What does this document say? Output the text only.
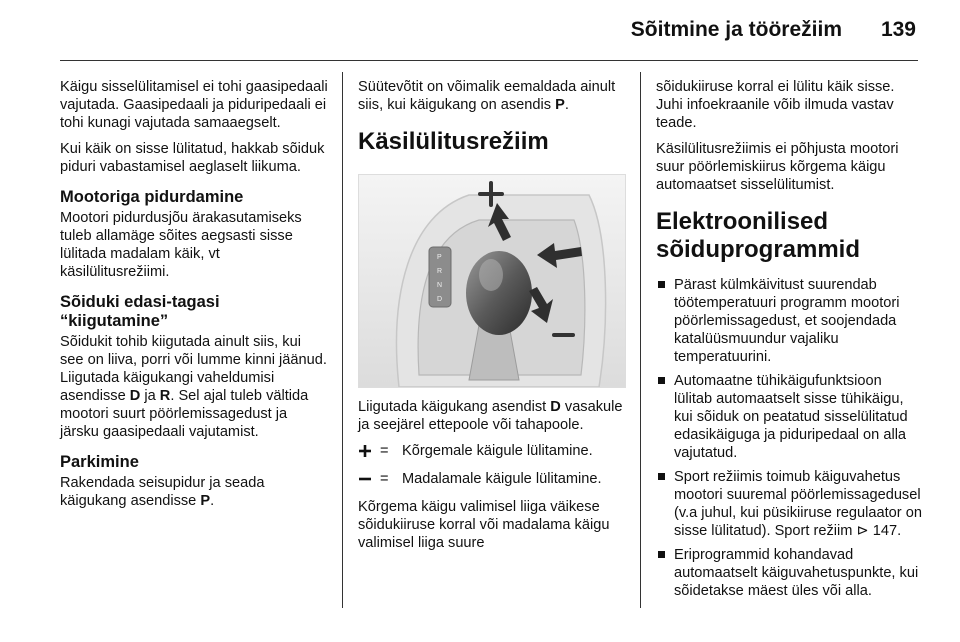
Sõitmine ja töörežiim 139

Käigu sisselülitamisel ei tohi gaasipedaali vajutada. Gaasipedaali ja piduripedaali ei tohi kunagi vajutada samaaegselt.

Kui käik on sisse lülitatud, hakkab sõiduk piduri vabastamisel aeglaselt liikuma.

Mootoriga pidurdamine

Mootori pidurdusjõu ärakasutamiseks tuleb allamäge sõites aegsasti sisse lülitada madalam käik, vt käsilülitusrežiimi.

Sõiduki edasi-tagasi
“kiigutamine”

Sõidukit tohib kiigutada ainult siis, kui see on liiva, porri või lumme kinni jäänud. Liigutada käigukangi vaheldumisi asendisse D ja R. Sel ajal tuleb vältida mootori suurt pöörlemissagedust ja järsku gaasipedaali vajutamist.

Parkimine

Rakendada seisupidur ja seada käigukang asendisse P.

Süütevõtit on võimalik eemaldada ainult siis, kui käigukang on asendis P.

Käsilülitusrežiim
P
R
N
D

Liigutada käigukang asendist D vasakule ja seejärel ettepoole või tahapoole.

= Kõrgemale käigule lülitamine.
= Madalamale käigule lülitamine.

Kõrgema käigu valimisel liiga väikese sõidukiiruse korral või madalama käigu valimisel liiga suure

sõidukiiruse korral ei lülitu käik sisse. Juhi infoekraanile võib ilmuda vastav teade.

Käsilülitusrežiimis ei põhjusta mootori suur pöörlemiskiirus kõrgema käigu automaatset sisselülitumist.

Elektroonilised
sõiduprogrammid
Pärast külmkäivitust suurendab töötemperatuuri programm mootori pöörlemissagedust, et soojendada katalüüsmuundur vajaliku temperatuurini.
Automaatne tühikäigufunktsioon lülitab automaatselt sisse tühikäigu, kui sõiduk on peatatud sisselülitatud edasikäiguga ja piduripedaal on alla vajutatud.
Sport režiimis toimub käiguvahetus mootori suuremal pöörlemissagedusel (v.a juhul, kui püsikiiruse regulaator on sisse lülitatud). Sport režiim ⊳ 147.
Eriprogrammid kohandavad automaatselt käiguvahetuspunkte, kui sõidetakse mäest üles või alla.
